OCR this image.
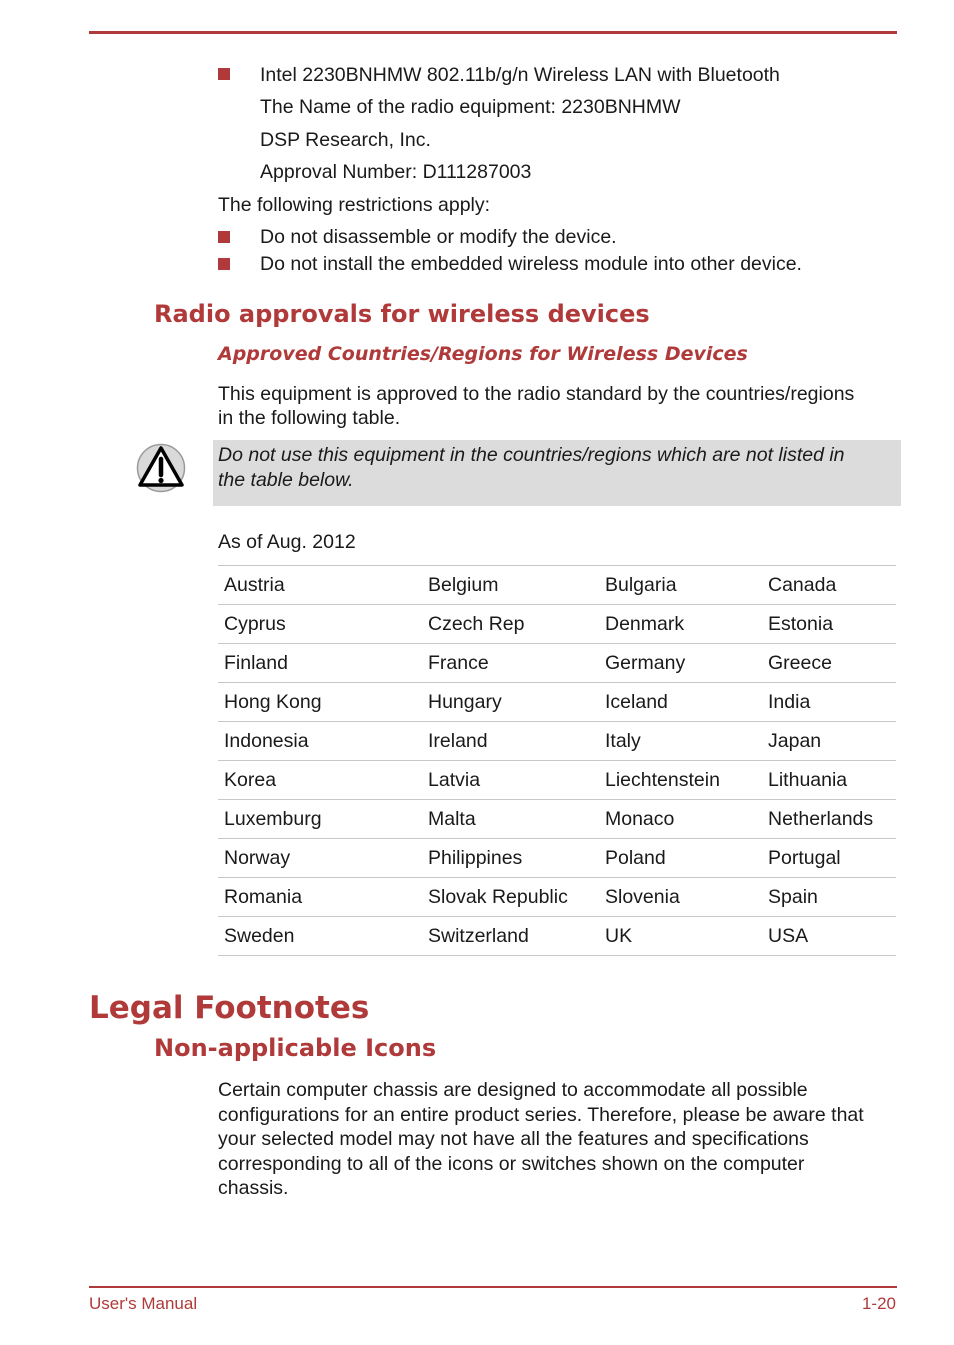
Intel 2230BNHMW 802.11b/g/n Wireless LAN with Bluetooth
The Name of the radio equipment: 2230BNHMW
DSP Research, Inc.
Approval Number: D111287003
The following restrictions apply:
Do not disassemble or modify the device.
Do not install the embedded wireless module into other device.
Radio approvals for wireless devices
Approved Countries/Regions for Wireless Devices
This equipment is approved to the radio standard by the countries/regions
in the following table.
Do not use this equipment in the countries/regions which are not listed in
the table below.
As of Aug. 2012
Austria	Belgium	Bulgaria	Canada
Cyprus	Czech Rep	Denmark	Estonia
Finland	France	Germany	Greece
Hong Kong	Hungary	Iceland	India
Indonesia	Ireland	Italy	Japan
Korea	Latvia	Liechtenstein	Lithuania
Luxemburg	Malta	Monaco	Netherlands
Norway	Philippines	Poland	Portugal
Romania	Slovak Republic	Slovenia	Spain
Sweden	Switzerland	UK	USA
Legal Footnotes
Non-applicable Icons
Certain computer chassis are designed to accommodate all possible
configurations for an entire product series. Therefore, please be aware that
your selected model may not have all the features and specifications
corresponding to all of the icons or switches shown on the computer
chassis.
User's Manual	1-20
